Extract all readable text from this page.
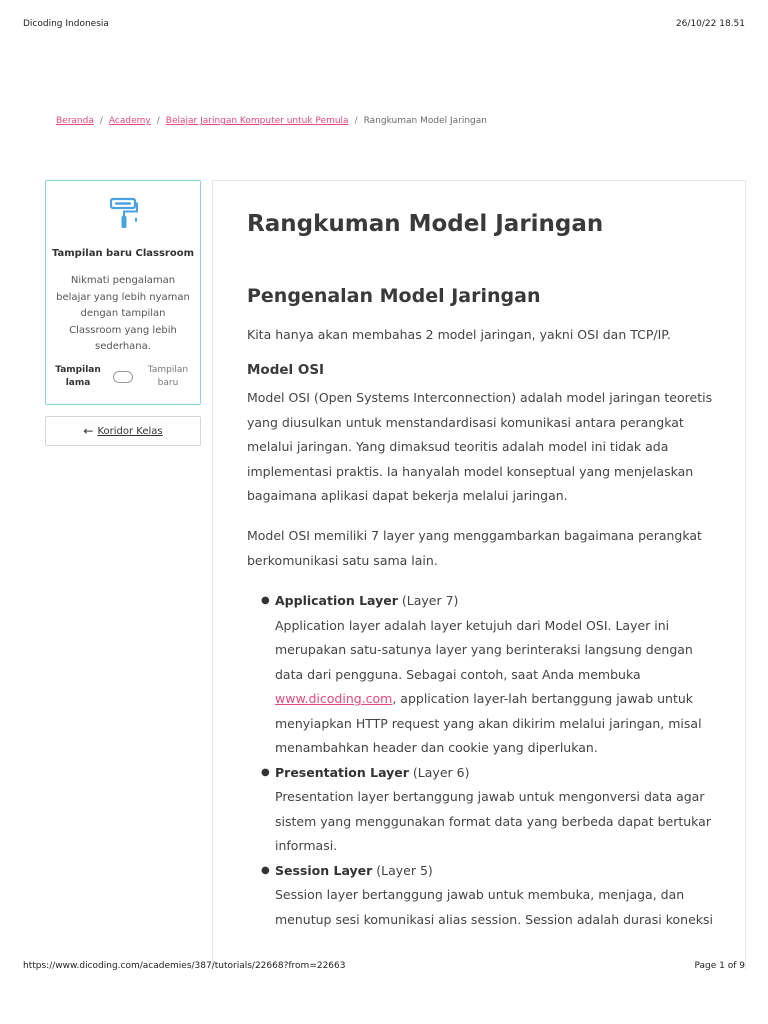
Dicoding Indonesia	26/10/22 18.51
Beranda / Academy / Belajar Jaringan Komputer untuk Pemula / Rangkuman Model Jaringan
Tampilan baru Classroom
Nikmati pengalaman belajar yang lebih nyaman dengan tampilan Classroom yang lebih sederhana.
Tampilan lama
Tampilan baru
← Koridor Kelas
Rangkuman Model Jaringan
Pengenalan Model Jaringan

Kita hanya akan membahas 2 model jaringan, yakni OSI dan TCP/IP.

Model OSI

Model OSI (Open Systems Interconnection) adalah model jaringan teoretis yang diusulkan untuk menstandardisasi komunikasi antara perangkat melalui jaringan. Yang dimaksud teoritis adalah model ini tidak ada implementasi praktis. Ia hanyalah model konseptual yang menjelaskan bagaimana aplikasi dapat bekerja melalui jaringan.

Model OSI memiliki 7 layer yang menggambarkan bagaimana perangkat berkomunikasi satu sama lain.

● Application Layer (Layer 7)
Application layer adalah layer ketujuh dari Model OSI. Layer ini merupakan satu-satunya layer yang berinteraksi langsung dengan data dari pengguna. Sebagai contoh, saat Anda membuka www.dicoding.com, application layer-lah bertanggung jawab untuk menyiapkan HTTP request yang akan dikirim melalui jaringan, misal menambahkan header dan cookie yang diperlukan.
● Presentation Layer (Layer 6)
Presentation layer bertanggung jawab untuk mengonversi data agar sistem yang menggunakan format data yang berbeda dapat bertukar informasi.
● Session Layer (Layer 5)
Session layer bertanggung jawab untuk membuka, menjaga, dan menutup sesi komunikasi alias session. Session adalah durasi koneksi
https://www.dicoding.com/academies/387/tutorials/22668?from=22663	Page 1 of 9
